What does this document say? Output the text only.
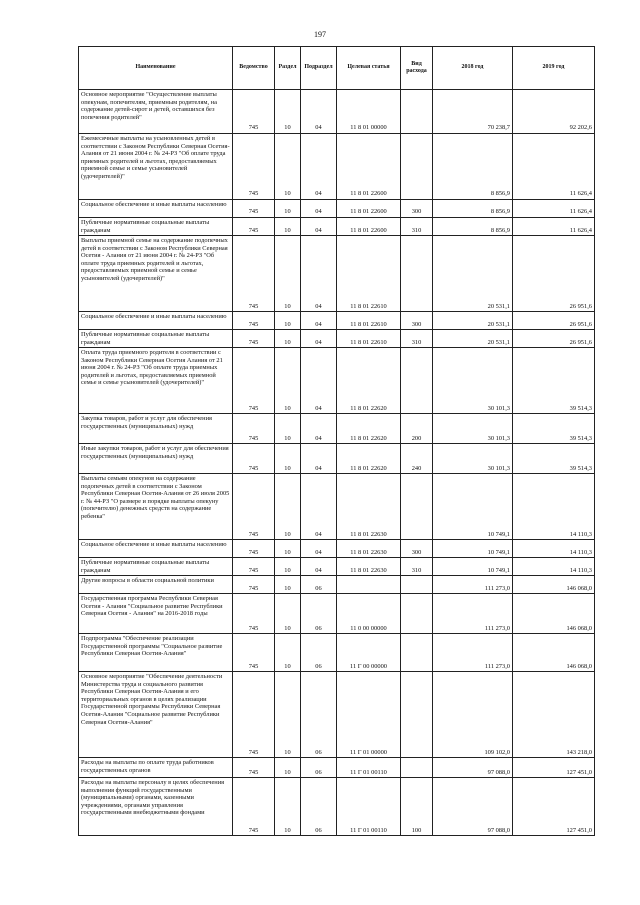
197
Наименование	Ведомство	Раздел	Подраздел	Целевая статья	Вид расхода	2018 год	2019 год
Основное мероприятие "Осуществление выплаты опекунам, попечителям, приемным родителям, на содержание детей-сирот и детей, оставшихся без попечения родителей"	745	10	04	11 8 01 00000		70 238,7	92 202,6
Ежемесячные выплаты на усыновленных детей в соответствии с Законом Республики Северная Осетия-Алания от 21 июня 2004 г. № 24-РЗ "Об оплате труда приемных родителей и льготах, предоставляемых приемной семье и семье усыновителей (удочерителей)"	745	10	04	11 8 01 22600		8 856,9	11 626,4
Социальное обеспечение и иные выплаты населению	745	10	04	11 8 01 22600	300	8 856,9	11 626,4
Публичные нормативные социальные выплаты гражданам	745	10	04	11 8 01 22600	310	8 856,9	11 626,4
Выплаты приемной семье на содержание подопечных детей в соответствии с Законом Республики Северная Осетия - Алания от 21 июня 2004 г. № 24-РЗ "Об оплате труда приемных родителей и льготах, предоставляемых приемной семье и семье усыновителей (удочерителей)"	745	10	04	11 8 01 22610		20 531,1	26 951,6
Социальное обеспечение и иные выплаты населению	745	10	04	11 8 01 22610	300	20 531,1	26 951,6
Публичные нормативные социальные выплаты гражданам	745	10	04	11 8 01 22610	310	20 531,1	26 951,6
Оплата труда приемного родителя в соответствии с Законом Республики Северная Осетия Алания от 21 июня 2004 г. № 24-РЗ "Об оплате труда приемных родителей и льготах, предоставляемых приемной семье и семье усыновителей (удочерителей)"	745	10	04	11 8 01 22620		30 101,3	39 514,3
Закупка товаров, работ и услуг для обеспечения государственных (муниципальных) нужд	745	10	04	11 8 01 22620	200	30 101,3	39 514,3
Иные закупки товаров, работ и услуг для обеспечения государственных (муниципальных) нужд	745	10	04	11 8 01 22620	240	30 101,3	39 514,3
Выплаты семьям опекунов на содержание подопечных детей в соответствии с Законом Республики Северная Осетия-Алания от 26 июля 2005 г. № 44-РЗ "О размере и порядке выплаты опекуну (попечителю) денежных средств на содержание ребенка"	745	10	04	11 8 01 22630		10 749,1	14 110,3
Социальное обеспечение и иные выплаты населению	745	10	04	11 8 01 22630	300	10 749,1	14 110,3
Публичные нормативные социальные выплаты гражданам	745	10	04	11 8 01 22630	310	10 749,1	14 110,3
Другие вопросы в области социальной политики	745	10	06			111 273,0	146 068,0
Государственная программа Республики Северная Осетия - Алания "Социальное развитие Республики Северная Осетия - Алания" на 2016-2018 годы	745	10	06	11 0 00 00000		111 273,0	146 068,0
Подпрограмма "Обеспечение реализации Государственной программы "Социальное развитие Республики Северная Осетия-Алания"	745	10	06	11 Г 00 00000		111 273,0	146 068,0
Основное мероприятие "Обеспечение деятельности Министерства труда и социального развития Республики Северная Осетия-Алания и его территориальных органов в целях реализации Государственной программы Республики Северная Осетия-Алания "Социальное развитие Республики Северная Осетия-Алания"	745	10	06	11 Г 01 00000		109 102,0	143 218,0
Расходы на выплаты по оплате труда работников государственных органов	745	10	06	11 Г 01 00110		97 088,0	127 451,0
Расходы на выплаты персоналу в целях обеспечения выполнения функций государственными (муниципальными) органами, казенными учреждениями, органами управления государственными внебюджетными фондами	745	10	06	11 Г 01 00110	100	97 088,0	127 451,0
